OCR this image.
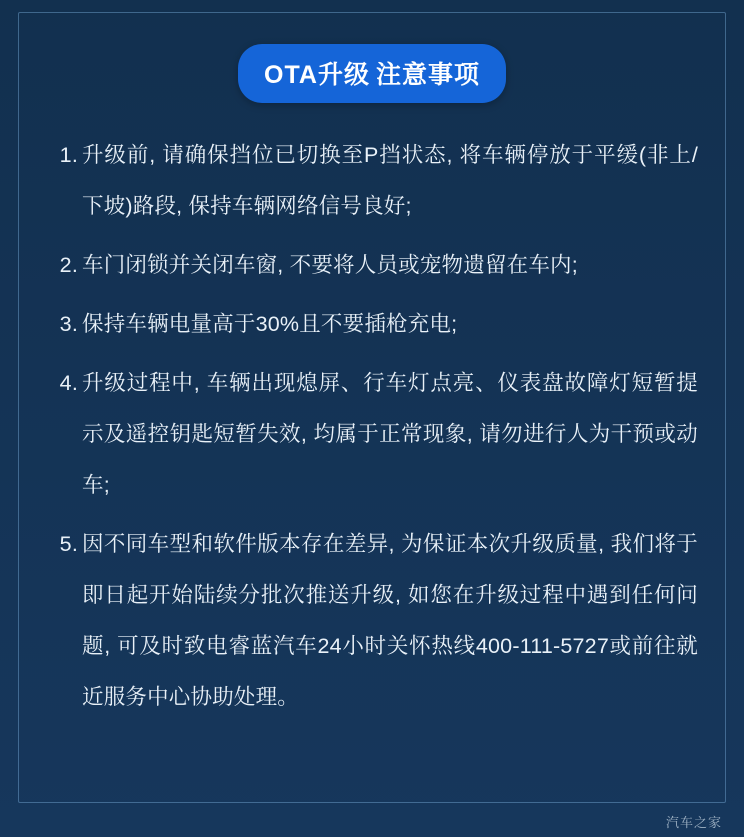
OTA升级 注意事项
1. 升级前, 请确保挡位已切换至P挡状态, 将车辆停放于平缓(非上/下坡)路段, 保持车辆网络信号良好;
2. 车门闭锁并关闭车窗, 不要将人员或宠物遗留在车内;
3. 保持车辆电量高于30%且不要插枪充电;
4. 升级过程中, 车辆出现熄屏、行车灯点亮、仪表盘故障灯短暂提示及遥控钥匙短暂失效, 均属于正常现象, 请勿进行人为干预或动车;
5. 因不同车型和软件版本存在差异, 为保证本次升级质量, 我们将于即日起开始陆续分批次推送升级, 如您在升级过程中遇到任何问题, 可及时致电睿蓝汽车24小时关怀热线400-111-5727或前往就近服务中心协助处理。
汽车之家
